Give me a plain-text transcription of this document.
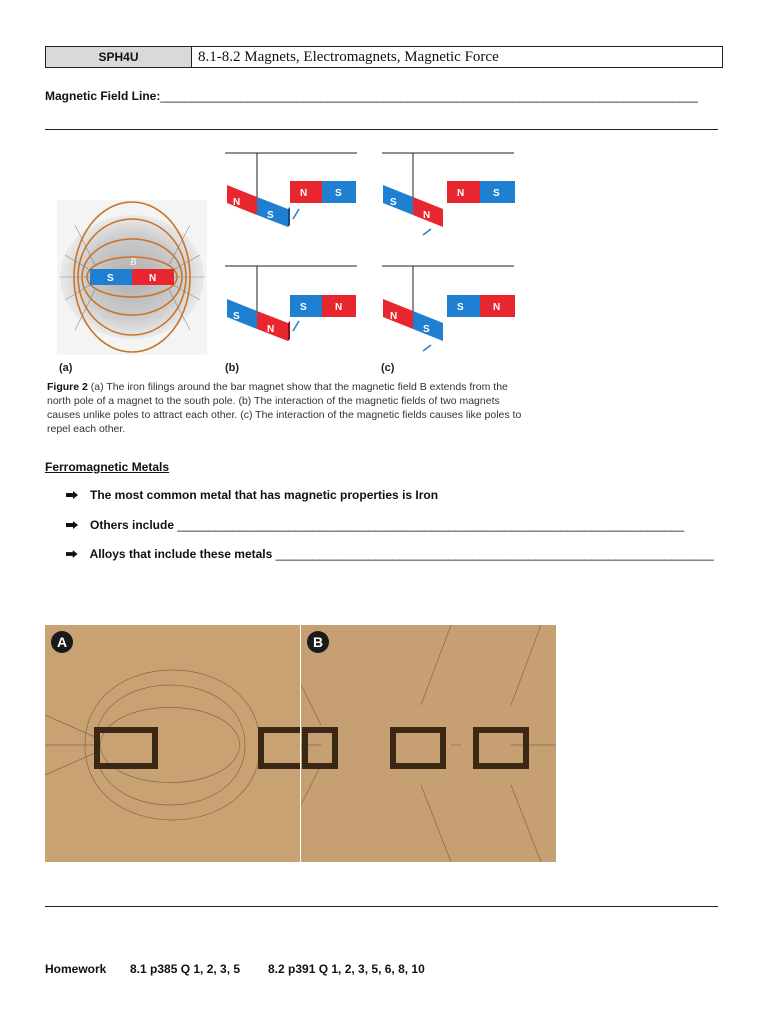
SPH4U	8.1-8.2 Magnets, Electromagnets, Magnetic Force
Magnetic Field Line:_______________________________________________________________________________________
S	N
B
N
S
N	S
S
N
S	N
S
N
N	S
N
S
S	N
(a)	(b)	(c)
Figure 2 (a) The iron filings around the bar magnet show that the magnetic field B extends from the north pole of a magnet to the south pole. (b) The interaction of the magnetic fields of two magnets causes unlike poles to attract each other. (c) The interaction of the magnetic fields causes like poles to repel each other.
Ferromagnetic Metals
The most common metal that has magnetic properties is Iron
Others include __________________________________________________________________________________
Alloys that include these metals _______________________________________________________________________
A	B
Homework 8.1 p385 Q 1, 2, 3, 5 8.2 p391 Q 1, 2, 3, 5, 6, 8, 10
